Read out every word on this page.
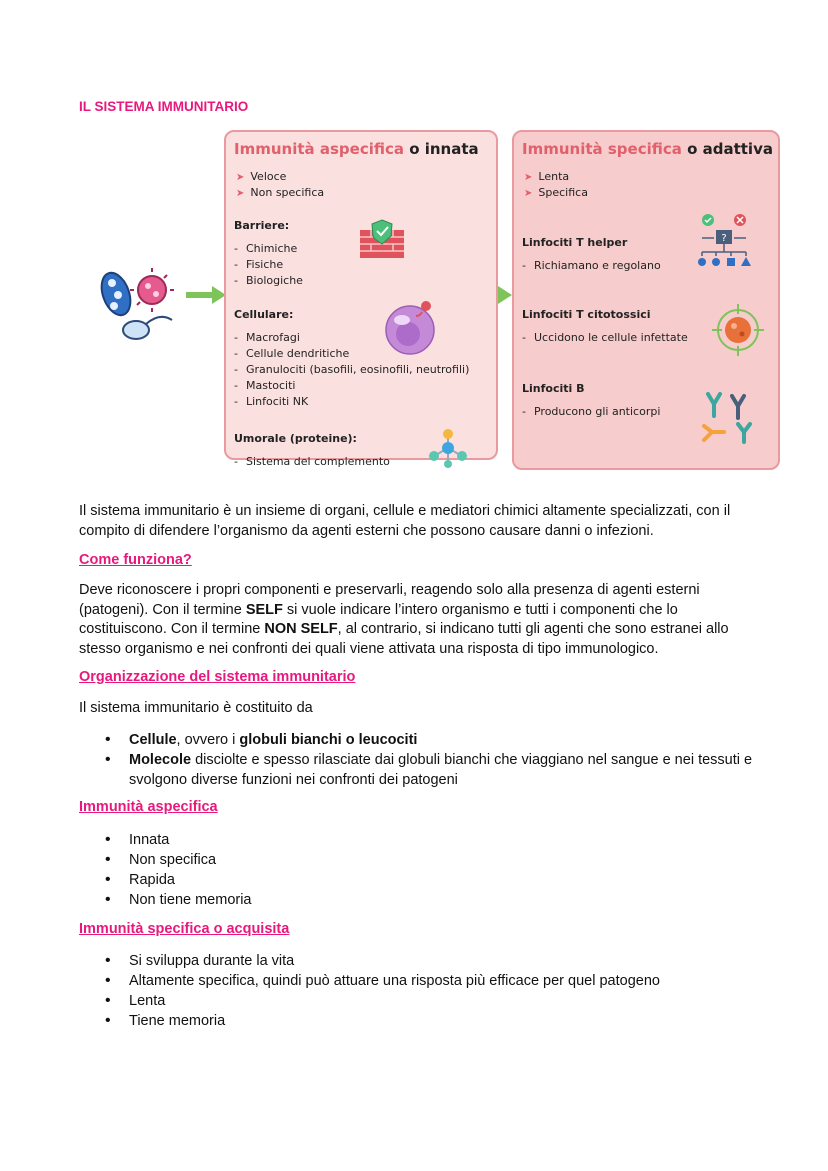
IL SISTEMA IMMUNITARIO
Immunità aspecifica o innata
➤ Veloce
➤ Non specifica
Barriere:
- Chimiche
- Fisiche
- Biologiche
Cellulare:
- Macrofagi
- Cellule dendritiche
- Granulociti (basofili, eosinofili, neutrofili)
- Mastociti
- Linfociti NK
Umorale (proteine):
- Sistema del complemento
Immunità specifica o adattiva
➤ Lenta
➤ Specifica
Linfociti T helper
- Richiamano e regolano
?
Linfociti T citotossici
- Uccidono le cellule infettate
Linfociti B
- Producono gli anticorpi
Il sistema immunitario è un insieme di organi, cellule e mediatori chimici altamente specializzati, con il compito di difendere l’organismo da agenti esterni che possono causare danni o infezioni.
Come funziona?
Deve riconoscere i propri componenti e preservarli, reagendo solo alla presenza di agenti esterni (patogeni). Con il termine SELF si vuole indicare l’intero organismo e tutti i componenti che lo costituiscono. Con il termine NON SELF, al contrario, si indicano tutti gli agenti che sono estranei allo stesso organismo e nei confronti dei quali viene attivata una risposta di tipo immunologico.
Organizzazione del sistema immunitario
Il sistema immunitario è costituito da
• Cellule, ovvero i globuli bianchi o leucociti
• Molecole disciolte e spesso rilasciate dai globuli bianchi che viaggiano nel sangue e nei tessuti e svolgono diverse funzioni nei confronti dei patogeni
Immunità aspecifica
• Innata
• Non specifica
• Rapida
• Non tiene memoria
Immunità specifica o acquisita
• Si sviluppa durante la vita
• Altamente specifica, quindi può attuare una risposta più efficace per quel patogeno
• Lenta
• Tiene memoria
